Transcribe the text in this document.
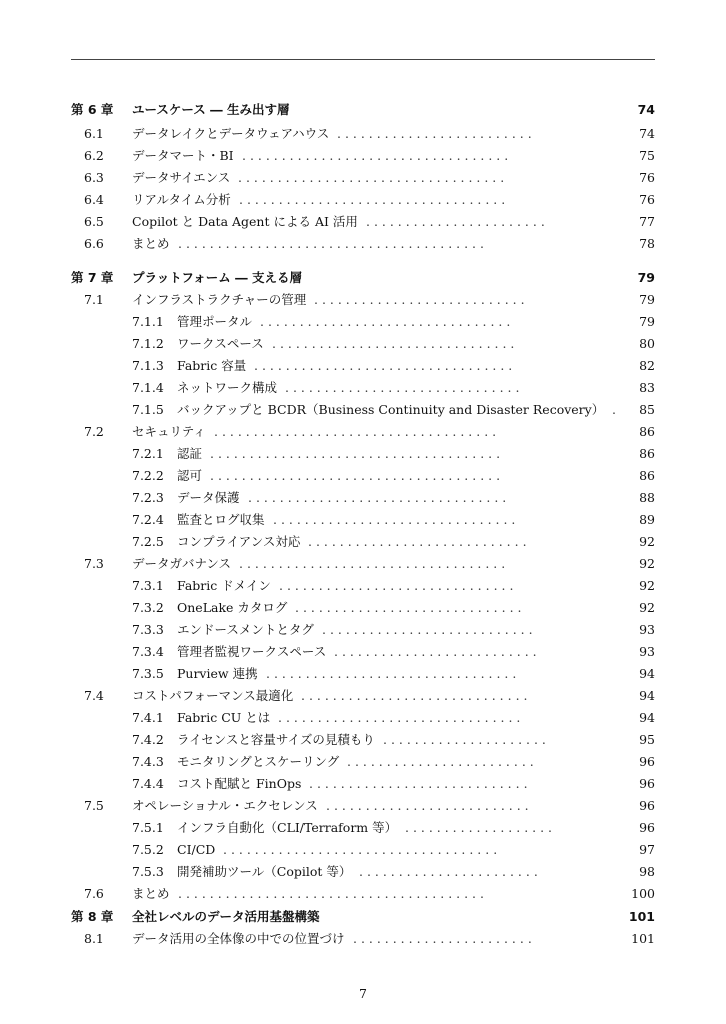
第 6 章 ユースケース ― 生み出す層	74
6.1 データレイクとデータウェアハウス . . . . . . . . . . . . . . . . . . . . . . . . .	74
6.2 データマート・BI . . . . . . . . . . . . . . . . . . . . . . . . . . . . . . . . . .	75
6.3 データサイエンス . . . . . . . . . . . . . . . . . . . . . . . . . . . . . . . . . .	76
6.4 リアルタイム分析 . . . . . . . . . . . . . . . . . . . . . . . . . . . . . . . . . .	76
6.5 Copilot と Data Agent による AI 活用 . . . . . . . . . . . . . . . . . . . . . . .	77
6.6 まとめ . . . . . . . . . . . . . . . . . . . . . . . . . . . . . . . . . . . . . . .	78
第 7 章 プラットフォーム ― 支える層	79
7.1 インフラストラクチャーの管理 . . . . . . . . . . . . . . . . . . . . . . . . . . .	79
7.1.1 管理ポータル . . . . . . . . . . . . . . . . . . . . . . . . . . . . . . . .	79
7.1.2 ワークスペース . . . . . . . . . . . . . . . . . . . . . . . . . . . . . . .	80
7.1.3 Fabric 容量 . . . . . . . . . . . . . . . . . . . . . . . . . . . . . . . . .	82
7.1.4 ネットワーク構成 . . . . . . . . . . . . . . . . . . . . . . . . . . . . . .	83
7.1.5 バックアップと BCDR（Business Continuity and Disaster Recovery） .	85
7.2 セキュリティ . . . . . . . . . . . . . . . . . . . . . . . . . . . . . . . . . . . .	86
7.2.1 認証 . . . . . . . . . . . . . . . . . . . . . . . . . . . . . . . . . . . . .	86
7.2.2 認可 . . . . . . . . . . . . . . . . . . . . . . . . . . . . . . . . . . . . .	86
7.2.3 データ保護 . . . . . . . . . . . . . . . . . . . . . . . . . . . . . . . . .	88
7.2.4 監査とログ収集 . . . . . . . . . . . . . . . . . . . . . . . . . . . . . . .	89
7.2.5 コンプライアンス対応 . . . . . . . . . . . . . . . . . . . . . . . . . . . .	92
7.3 データガバナンス . . . . . . . . . . . . . . . . . . . . . . . . . . . . . . . . . .	92
7.3.1 Fabric ドメイン . . . . . . . . . . . . . . . . . . . . . . . . . . . . . .	92
7.3.2 OneLake カタログ . . . . . . . . . . . . . . . . . . . . . . . . . . . . .	92
7.3.3 エンドースメントとタグ . . . . . . . . . . . . . . . . . . . . . . . . . . .	93
7.3.4 管理者監視ワークスペース . . . . . . . . . . . . . . . . . . . . . . . . . .	93
7.3.5 Purview 連携 . . . . . . . . . . . . . . . . . . . . . . . . . . . . . . . .	94
7.4 コストパフォーマンス最適化 . . . . . . . . . . . . . . . . . . . . . . . . . . . . .	94
7.4.1 Fabric CU とは . . . . . . . . . . . . . . . . . . . . . . . . . . . . . . .	94
7.4.2 ライセンスと容量サイズの見積もり . . . . . . . . . . . . . . . . . . . . .	95
7.4.3 モニタリングとスケーリング . . . . . . . . . . . . . . . . . . . . . . . .	96
7.4.4 コスト配賦と FinOps . . . . . . . . . . . . . . . . . . . . . . . . . . . .	96
7.5 オペレーショナル・エクセレンス . . . . . . . . . . . . . . . . . . . . . . . . . .	96
7.5.1 インフラ自動化（CLI/Terraform 等） . . . . . . . . . . . . . . . . . . .	96
7.5.2 CI/CD . . . . . . . . . . . . . . . . . . . . . . . . . . . . . . . . . . .	97
7.5.3 開発補助ツール（Copilot 等） . . . . . . . . . . . . . . . . . . . . . . .	98
7.6 まとめ . . . . . . . . . . . . . . . . . . . . . . . . . . . . . . . . . . . . . . .	100
第 8 章 全社レベルのデータ活用基盤構築	101
8.1 データ活用の全体像の中での位置づけ . . . . . . . . . . . . . . . . . . . . . . .	101
7
